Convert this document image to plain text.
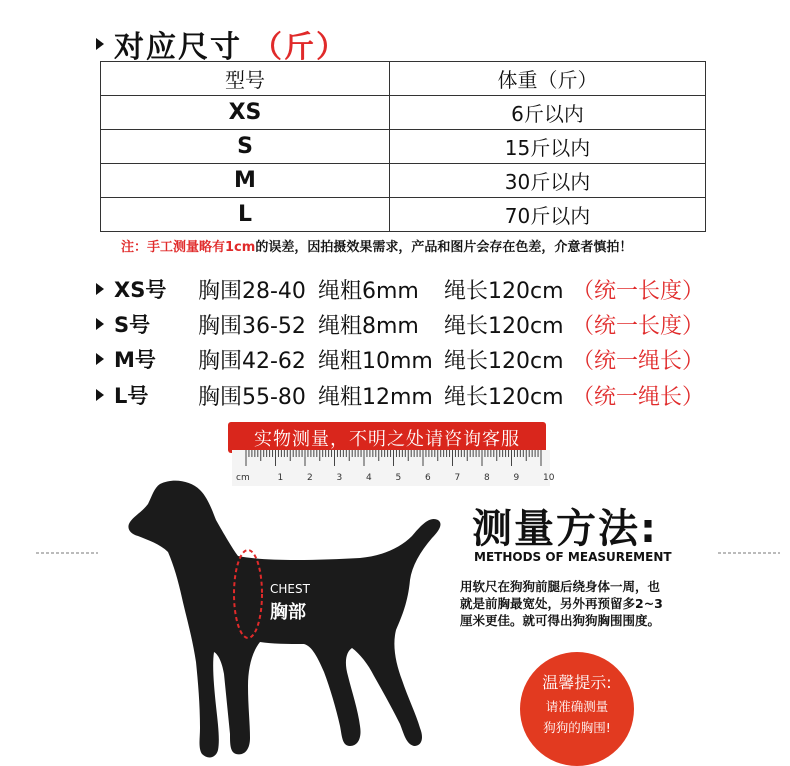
对应尺寸 （斤）
型号	体重（斤）
XS	6斤以内
S	15斤以内
M	30斤以内
L	70斤以内
注：手工测量略有1cm的误差，因拍摄效果需求，产品和图片会存在色差，介意者慎拍！
XS号 胸围28-40 绳粗6mm	绳长120cm （统一长度）
S号 胸围36-52 绳粗8mm	绳长120cm （统一长度）
M号 胸围42-62 绳粗10mm 绳长120cm （统一绳长）
L号 胸围55-80 绳粗12mm 绳长120cm （统一绳长）
实物测量，不明之处请咨询客服
cm	1	2	3	4	5	6	7	8	9	10
CHEST
胸部
测量方法:
METHODS OF MEASUREMENT
用软尺在狗狗前腿后绕身体一周，也就是前胸最宽处，另外再预留多2~3厘米更佳。就可得出狗狗胸围围度。
温馨提示:
请准确测量
狗狗的胸围!
